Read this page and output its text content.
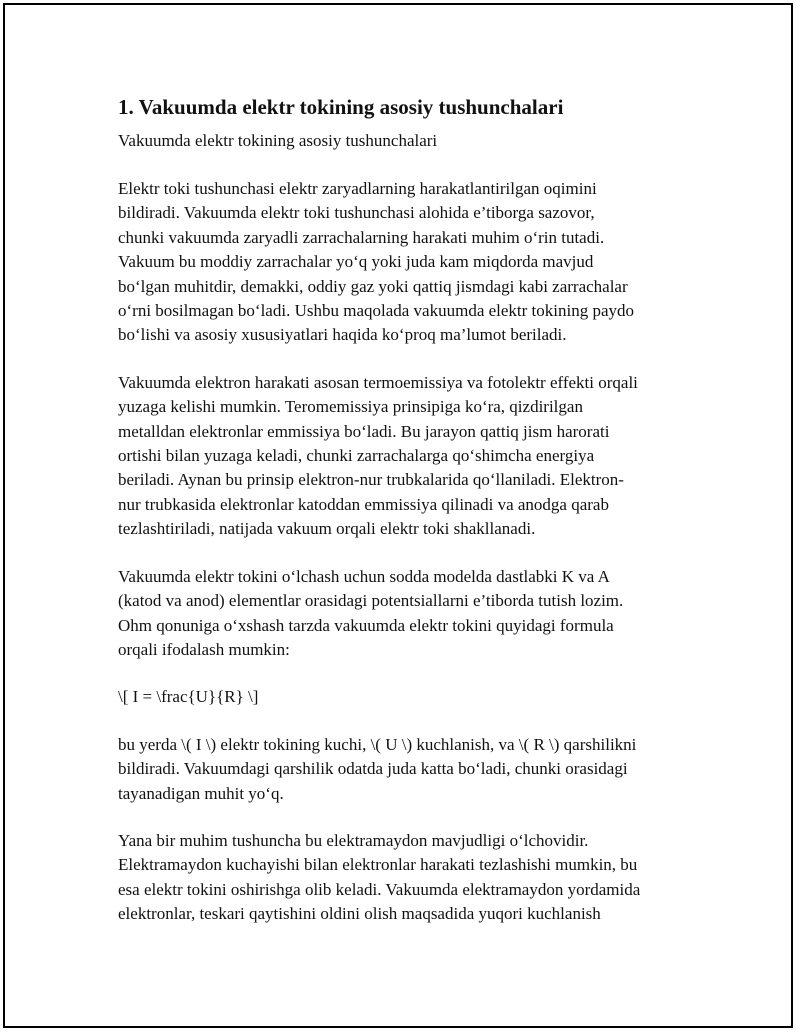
1. Vakuumda elektr tokining asosiy tushunchalari
Vakuumda elektr tokining asosiy tushunchalari
Elektr toki tushunchasi elektr zaryadlarning harakatlantirilgan oqimini
bildiradi. Vakuumda elektr toki tushunchasi alohida e’tiborga sazovor,
chunki vakuumda zaryadli zarrachalarning harakati muhim o‘rin tutadi.
Vakuum bu moddiy zarrachalar yo‘q yoki juda kam miqdorda mavjud
bo‘lgan muhitdir, demakki, oddiy gaz yoki qattiq jismdagi kabi zarrachalar
o‘rni bosilmagan bo‘ladi. Ushbu maqolada vakuumda elektr tokining paydo
bo‘lishi va asosiy xususiyatlari haqida ko‘proq ma’lumot beriladi.
Vakuumda elektron harakati asosan termoemissiya va fotolektr effekti orqali
yuzaga kelishi mumkin. Teromemissiya prinsipiga ko‘ra, qizdirilgan
metalldan elektronlar emmissiya bo‘ladi. Bu jarayon qattiq jism harorati
ortishi bilan yuzaga keladi, chunki zarrachalarga qo‘shimcha energiya
beriladi. Aynan bu prinsip elektron-nur trubkalarida qo‘llaniladi. Elektron-
nur trubkasida elektronlar katoddan emmissiya qilinadi va anodga qarab
tezlashtiriladi, natijada vakuum orqali elektr toki shakllanadi.
Vakuumda elektr tokini o‘lchash uchun sodda modelda dastlabki K va A
(katod va anod) elementlar orasidagi potentsiallarni e’tiborda tutish lozim.
Ohm qonuniga o‘xshash tarzda vakuumda elektr tokini quyidagi formula
orqali ifodalash mumkin:
\[ I = \frac{U}{R} \]
bu yerda \( I \) elektr tokining kuchi, \( U \) kuchlanish, va \( R \) qarshilikni
bildiradi. Vakuumdagi qarshilik odatda juda katta bo‘ladi, chunki orasidagi
tayanadigan muhit yo‘q.
Yana bir muhim tushuncha bu elektramaydon mavjudligi o‘lchovidir.
Elektramaydon kuchayishi bilan elektronlar harakati tezlashishi mumkin, bu
esa elektr tokini oshirishga olib keladi. Vakuumda elektramaydon yordamida
elektronlar, teskari qaytishini oldini olish maqsadida yuqori kuchlanish
